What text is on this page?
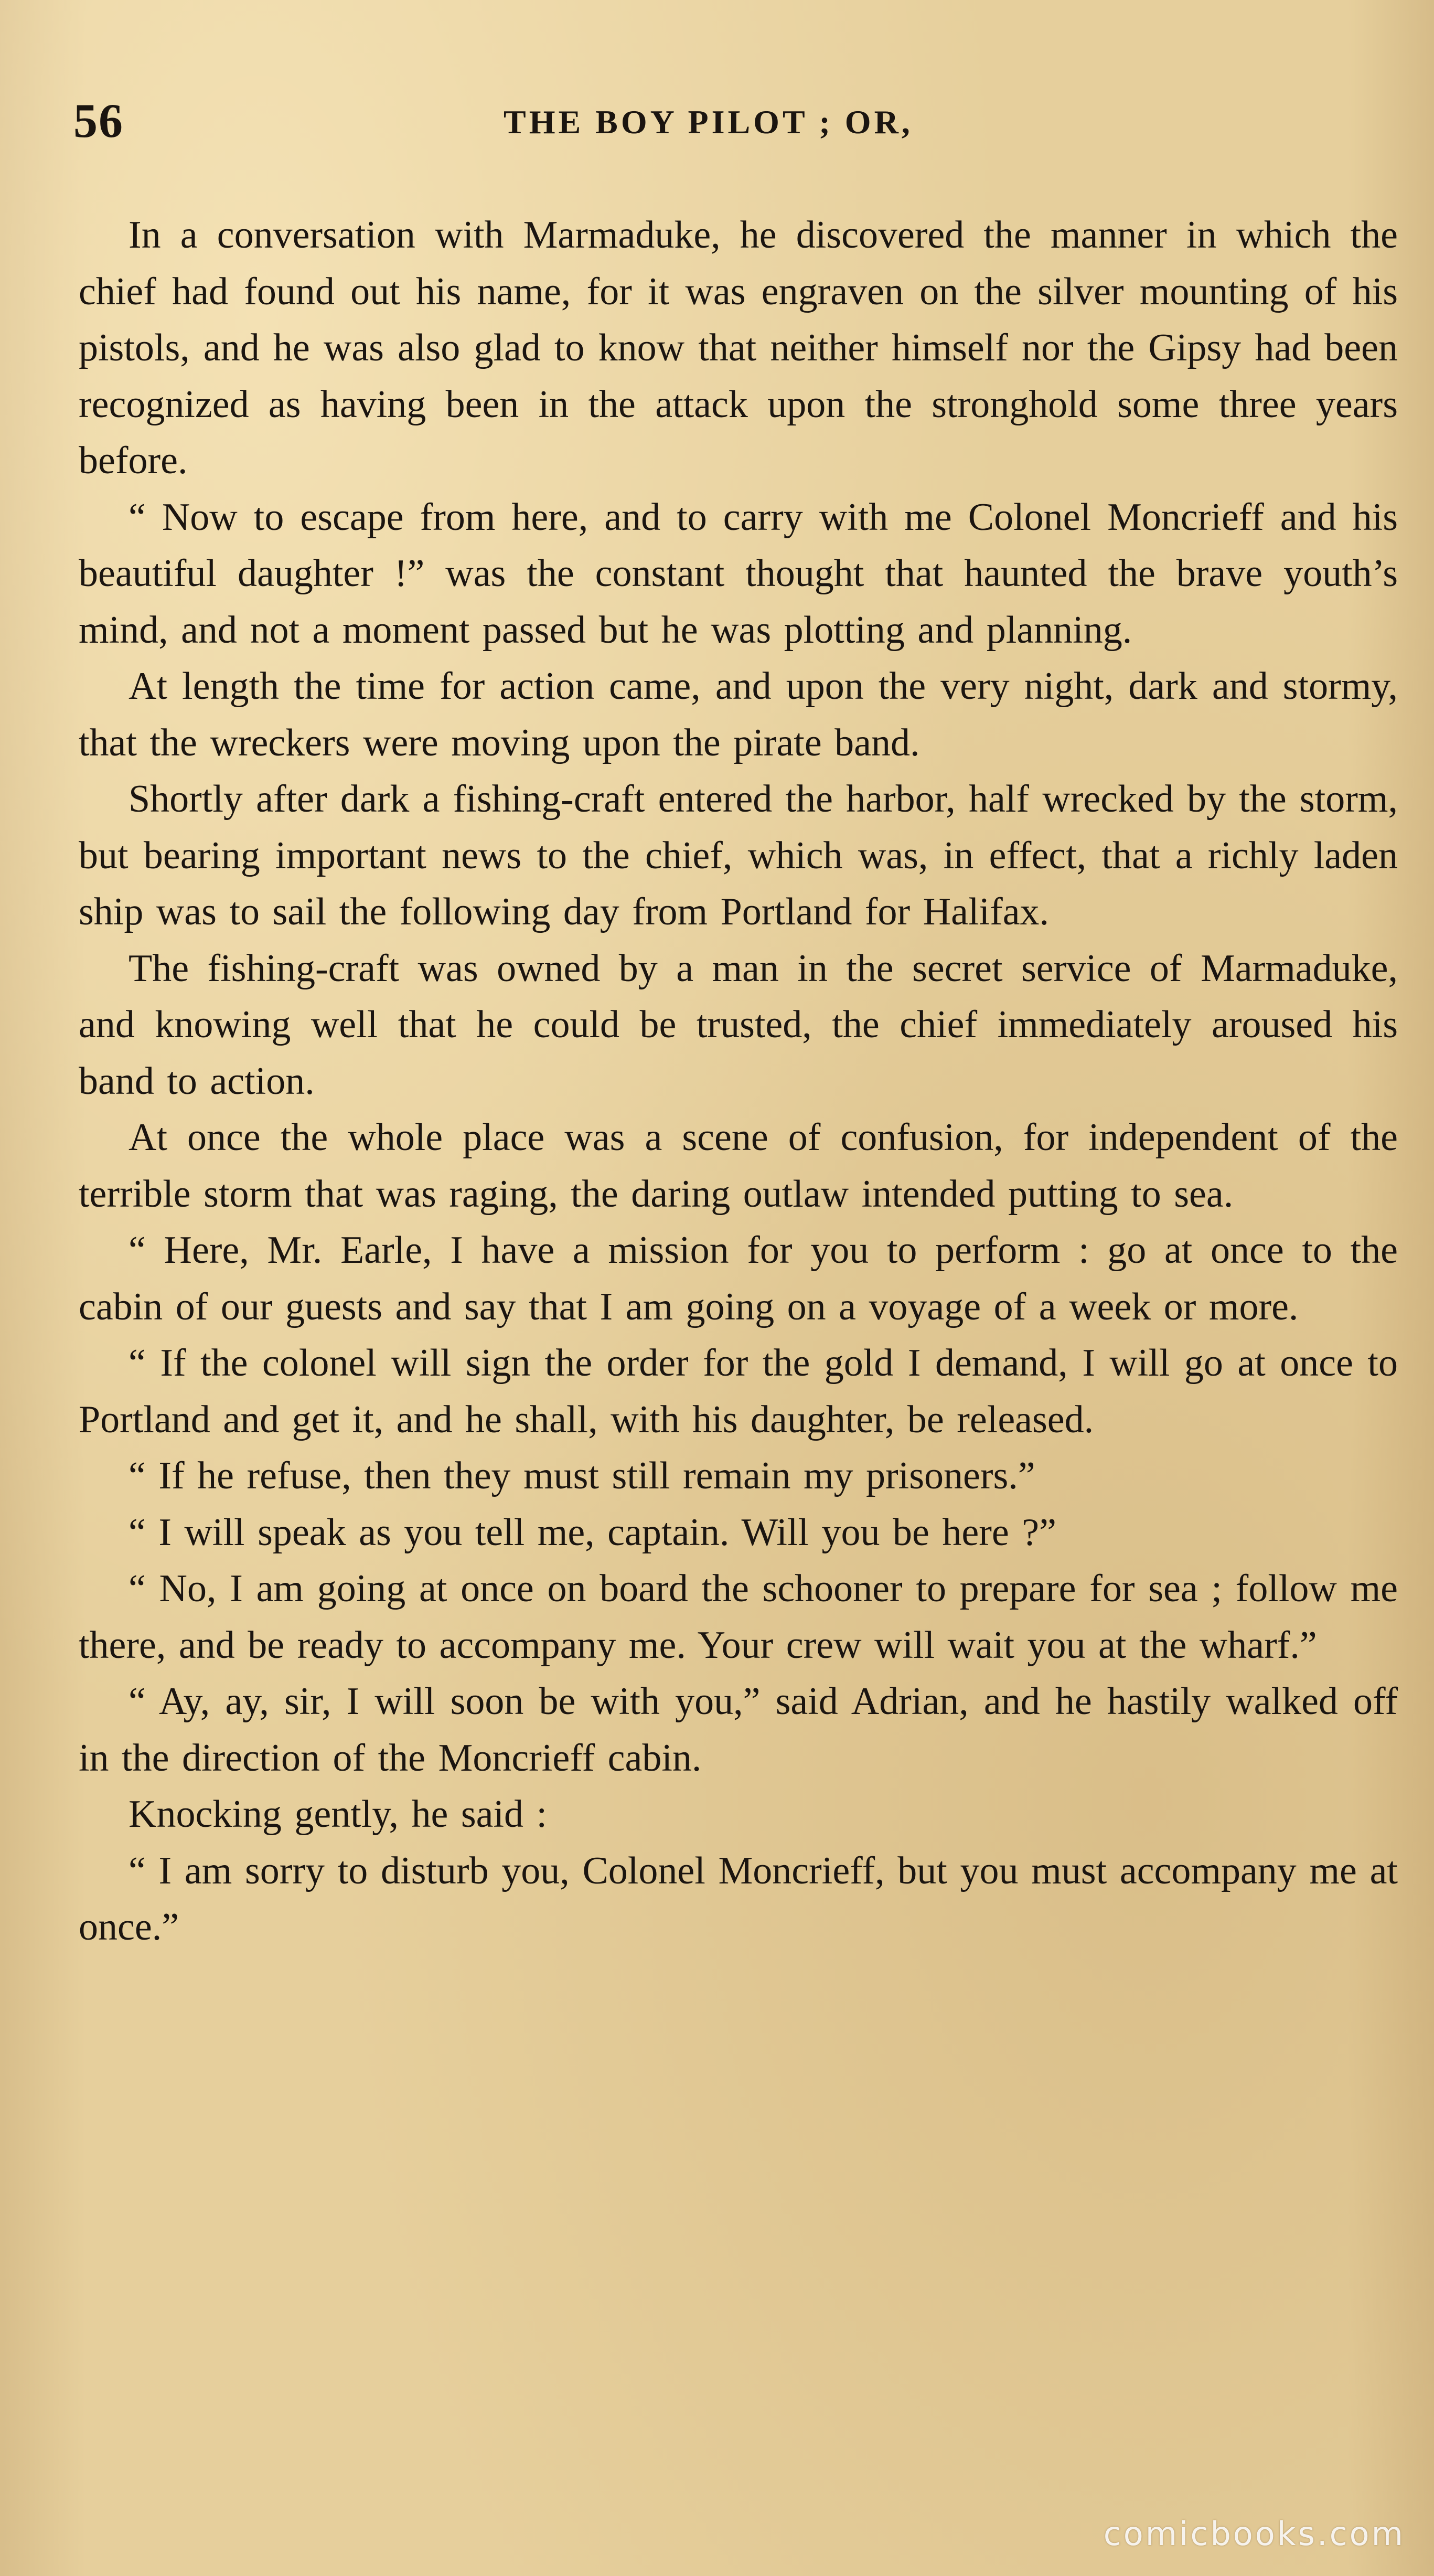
56	THE BOY PILOT ; OR,

In a conversation with Marmaduke, he discovered the manner in which the chief had found out his name, for it was engraven on the silver mounting of his pistols, and he was also glad to know that neither himself nor the Gipsy had been recognized as having been in the attack upon the stronghold some three years before.

“ Now to escape from here, and to carry with me Colonel Moncrieff and his beautiful daughter !” was the constant thought that haunted the brave youth’s mind, and not a moment passed but he was plotting and planning.

At length the time for action came, and upon the very night, dark and stormy, that the wreckers were moving upon the pirate band.

Shortly after dark a fishing-craft entered the harbor, half wrecked by the storm, but bearing important news to the chief, which was, in effect, that a richly laden ship was to sail the following day from Portland for Halifax.

The fishing-craft was owned by a man in the secret service of Marmaduke, and knowing well that he could be trusted, the chief immediately aroused his band to action.

At once the whole place was a scene of confusion, for independent of the terrible storm that was raging, the daring outlaw intended putting to sea.

“ Here, Mr. Earle, I have a mission for you to perform : go at once to the cabin of our guests and say that I am going on a voyage of a week or more.

“ If the colonel will sign the order for the gold I demand, I will go at once to Portland and get it, and he shall, with his daughter, be released.

“ If he refuse, then they must still remain my prisoners.”

“ I will speak as you tell me, captain. Will you be here ?”

“ No, I am going at once on board the schooner to prepare for sea ; follow me there, and be ready to accompany me. Your crew will wait you at the wharf.”

“ Ay, ay, sir, I will soon be with you,” said Adrian, and he hastily walked off in the direction of the Moncrieff cabin.

Knocking gently, he said :

“ I am sorry to disturb you, Colonel Moncrieff, but you must accompany me at once.”

comicbooks.com
